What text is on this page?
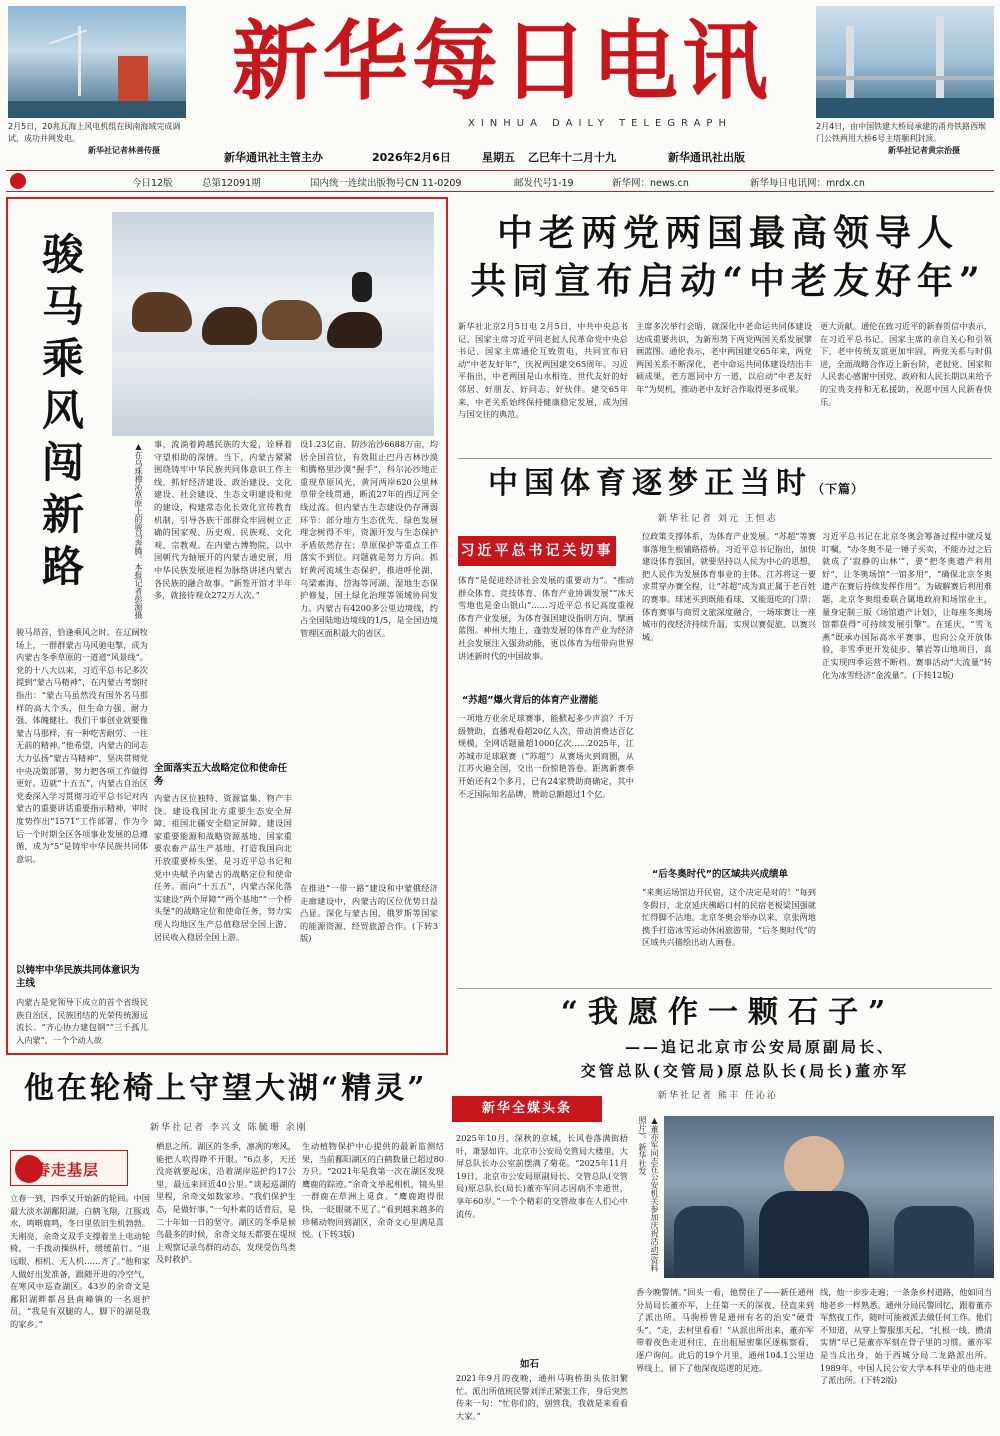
2月5日，20兆瓦海上风电机组在闽南海域完成调试，成功并网发电。
新华社记者林善传摄
2月4日，由中国铁建大桥局承建的甬舟铁路西堠门公铁两用大桥6号主塔顺利封顶。
新华社记者黄宗治摄
新华每日电讯
XINHUA DAILY TELEGRAPH
新华通讯社主管主办	2026年2月6日	星期五 乙巳年十二月十九	新华通讯社出版
今日12版	总第12091期	国内统一连续出版物号CN 11-0209	邮发代号1-19	新华网：news.cn	新华每日电讯网：mrdx.cn
骏马乘风闯新路	▲在乌珠穆沁草原上的骏马奔腾。本报记者彭源摄
骏马昂首，恰逢乘风之时。在辽阔牧场上，一群群蒙古马风驰电掣，成为内蒙古冬季草原的一道道“风景线”。党的十八大以来，习近平总书记多次提到“蒙古马精神”，在内蒙古考察时指出：“蒙古马虽然没有国外名马那样的高大个头，但生命力强、耐力强、体魄健壮。我们干事创业就要像蒙古马那样，有一种吃苦耐劳、一往无前的精神。”他希望，内蒙古的同志大力弘扬“蒙古马精神”，坚决贯彻党中央决策部署，努力把各项工作做得更好。迈就“十五五”，内蒙古自治区党委深入学习贯彻习近平总书记对内蒙古的重要讲话重要指示精神，审时度势作出“1571”工作部署，作为今后一个时期全区各项事业发展的总遵循，成为“5”是铸牢中华民族共同体意识。
以铸牢中华民族共同体意识为主线
内蒙古是党领导下成立的首个省级民族自治区，民族团结的光荣传统源远流长。“齐心协力建包钢”“三千孤儿入内蒙”，一个个动人故
事，流淌着跨越民族的大爱，诠释着守望相助的深情。当下，内蒙古紧紧围绕铸牢中华民族共同体意识工作主线，抓好经济建设、政治建设、文化建设、社会建设、生态文明建设和党的建设，构建常态化长效化宣传教育机制，引导各族干部群众牢固树立正确的国家观、历史观、民族观、文化观、宗教观。在内蒙古博物院，以中国朝代为轴展开的内蒙古通史展，用中华民族发展进程为脉络讲述内蒙古各民族的融合故事。“新签开馆才半年多，就接待观众272万人次。”
全面落实五大战略定位和使命任务
内蒙古区位独特、资源富集、物产丰饶。建设我国北方重要生态安全屏障、祖国北疆安全稳定屏障、建设国家重要能源和战略资源基地、国家重要农畜产品生产基地、打造我国向北开放重要桥头堡，是习近平总书记和党中央赋予内蒙古的战略定位和使命任务。面向“十五五”，内蒙古深化落实建设“两个屏障”“两个基地”“一个桥头堡”的战略定位和使命任务，努力实现人均地区生产总值稳居全国上游、居民收入稳居全国上游。
设1.23亿亩、防沙治沙6688万亩，均居全国首位，有效阻止巴丹吉林沙漠和腾格里沙漠“握手”，科尔沁沙地正重现草原风光，黄河两岸620公里林草带全线贯通，断流27年的西辽河全线过流。但内蒙古生态建设仍存薄弱环节：部分地方生态优先、绿色发展理念树得不牢，资源开发与生态保护矛盾依然存在；草原保护等重点工作落实不到位。问题就是努力方向。抓好黄河流域生态保护，推进呼伦湖、乌梁素海、岱海等河湖、湿地生态保护修复，国土绿化治理等领域协同发力。内蒙古有4200多公里边境线，约占全国陆地边境线的1/5，是全国边境管理区面积最大的省区。
在推进“一带一路”建设和中蒙俄经济走廊建设中，内蒙古的区位优势日益凸显。深化与蒙古国、俄罗斯等国家的能源资源、经贸旅游合作。(下转3版)
中老两党两国最高领导人
共同宣布启动“中老友好年”
新华社北京2月5日电 2月5日，中共中央总书记、国家主席习近平同老挝人民革命党中央总书记、国家主席通伦互致贺电，共同宣布启动“中老友好年”，庆祝两国建交65周年。习近平指出，中老两国是山水相连、世代友好的好邻居、好朋友、好同志、好伙伴。建交65年来，中老关系始终保持健康稳定发展，成为国与国交往的典范。
主席多次举行会晤，就深化中老命运共同体建设达成重要共识，为新形势下两党两国关系发展擘画蓝图。通伦表示，老中两国建交65年来，两党两国关系不断深化，老中命运共同体建设结出丰硕成果，老方愿同中方一道，以启动“中老友好年”为契机，推动老中友好合作取得更多成果。
更大贡献。通伦在致习近平的新春贺信中表示，在习近平总书记、国家主席的亲自关心和引领下，老中传统友谊更加牢固，两党关系与时俱进，全面战略合作迈上新台阶，老挝党、国家和人民衷心感谢中国党、政府和人民长期以来给予的宝贵支持和无私援助，祝愿中国人民新春快乐。
中国体育逐梦正当时（下篇）
新华社记者 刘元 王恒志
习近平总书记关切事
体育“是促进经济社会发展的重要动力”。“推动群众体育、竞技体育、体育产业协调发展”“冰天雪地也是金山银山”……习近平总书记高度重视体育产业发展，为体育强国建设指明方向、擘画蓝图。神州大地上，蓬勃发展的体育产业为经济社会发展注入强劲动能，更以体育为纽带向世界讲述新时代的中国故事。
“苏超”爆火背后的体育产业潜能
一项地方业余足球赛事，能掀起多少声浪？千万级赞助，直播观看超20亿人次，带动消费达百亿规模，全网话题量超1000亿次……2025年，江苏城市足球联赛（“苏超”）从赛场火到商圈，从江苏火遍全国，交出一份惊艳答卷。距离新赛季开始还有2个多月，已有24家赞助商确定，其中不乏国际知名品牌，赞助总额超过1个亿。
位政策支撑体系，为体育产业发展。“苏超”等赛事落地生根铺路搭桥。习近平总书记指出，加快建设体育强国，就要坚持以人民为中心的思想，把人民作为发展体育事业的主体。江苏将这一要求贯穿办赛全程，让“苏超”成为真正属于老百姓的赛事。球迷买到既能看球、又能逛吃的门票；体育赛事与商贸文旅深度融合，一场球赛让一座城市的夜经济持续升温，实现以赛促旅、以赛兴城。
“后冬奥时代”的区域共兴成绩单
“来奥运场馆边开民宿，这个决定是对的！”每到冬假日，北京延庆佛峪口村的民宿老板梁国强就忙得脚不沾地。北京冬奥会举办以来，京张两地携手打造冰雪运动休闲旅游带，“后冬奥时代”的区域共兴描绘出动人画卷。
习近平总书记在北京冬奥会筹备过程中就反复叮嘱，“办冬奥不是一锤子买卖，不能办过之后就成了‘寂静的山林’”，要“把冬奥遗产利用好”，让冬奥场馆“一馆多用”，“确保北京冬奥遗产在赛后持续发挥作用”。为破解赛后利用难题，北京冬奥组委联合属地政府和场馆业主，量身定制三版《场馆遗产计划》，让每座冬奥场馆都获得“可持续发展引擎”。在延庆，“雪飞燕”既承办国际高水平赛事，也向公众开放体验，非雪季更开发徒步、攀岩等山地项目，真正实现四季运营不断档。赛事活动“大流量”转化为冰雪经济“金流量”。(下转12版)
“我愿作一颗石子”
——追记北京市公安局原副局长、
交管总队(交管局)原总队长(局长)董亦军
新华社记者 熊丰 任沁沁
新华全媒头条
2025年10月，深秋的京城，长风卷落满街梧叶，萧瑟如许。北京市公安局交管局大楼里，大屏总队长办公室前摆满了菊花。“2025年11月19日，北京市公安局原副局长、交管总队(交管局)原总队长(局长)董亦军同志因病不幸逝世，享年60岁。”一个个精彩的交管故事在人们心中流传。
如石
2021年9月的夜晚，通州马驹桥街头依旧繁忙。派出所值班民警刘洋正紧张工作，身后突然传来一句：“忙你们的，别管我，我就是来看看大家。”
▲董亦军同志在公安机关参加庆祝活动(资料照片)。新华社发
香今晚警情。”回头一看，他愣住了——新任通州分局局长董亦军，上任第一天的深夜，径直来到了派出所。马驹桥曾是通州有名的治安“硬骨头”。“走，去村里看看！”从派出所出来，董亦军带着夜色走进村庄，在出租屋密集区逐栋察看，逐户询问。此后的19个月里，通州104.1公里边界线上，留下了他深夜巡逻的足迹。
线，他一步步走遍；一条条乡村道路，他如同当地老乡一样熟悉。通州分局民警回忆，跟着董亦军熬夜工作，随时可能被派去做任何工作。他们不知道，从穿上警服那天起，“扎根一线、攒清实情”早已是董亦军刻在骨子里的习惯。董亦军是当兵出身，始于西城分局二龙路派出所。1989年，中国人民公安大学本科毕业的他走进了派出所。(下转2版)
他在轮椅上守望大湖“精灵”
新华社记者 李兴文 陈毓珊 余刚
新春走基层
立春一到，四季又开始新的轮回。中国最大淡水湖鄱阳湖，白鹤飞翔，江豚戏水，鸣啭鹿鸣，冬日里依旧生机勃勃。天刚亮，余奇文双手支撑着坐上电动轮椅，一手拨动操纵杆，缓缓前行。“退远眼、相机、无人机……齐了。”他和家人做好出发准备，跟随开进的冷空气，在寒风中巡查湖区。43岁的余奇文是鄱阳湖畔都昌县南峰镇的一名退护员，“我是有双腿的人，脚下的湖是我的家乡。”
栖息之所。湖区的冬季，凛冽的寒风，能把人吹得睁不开眼。“6点多，天还没亮就要起床，沿着湖岸巡护约17公里，最远来回近40公里。”谈起巡湖的里程，余奇文如数家珍。“我们保护生态，是做好事。”一句朴素的话背后，是二十年如一日的坚守。湖区的冬季是候鸟最多的时候，余奇文每天都要在堤坝上观察记录鸟群的动态，发现受伤鸟类及时救护。
生动植物保护中心提供的最新监测结果，当前鄱阳湖区的白鹤数量已超过80万只。“2021年是我第一次在湖区发现鹰鹿的踪迹。”余奇文举起相机，镜头里一群鹿在草洲上觅食。“鹰鹿跑得很快，一眨眼就不见了。”看到越来越多的珍稀动物回到湖区，余奇文心里满是喜悦。(下转3版)
